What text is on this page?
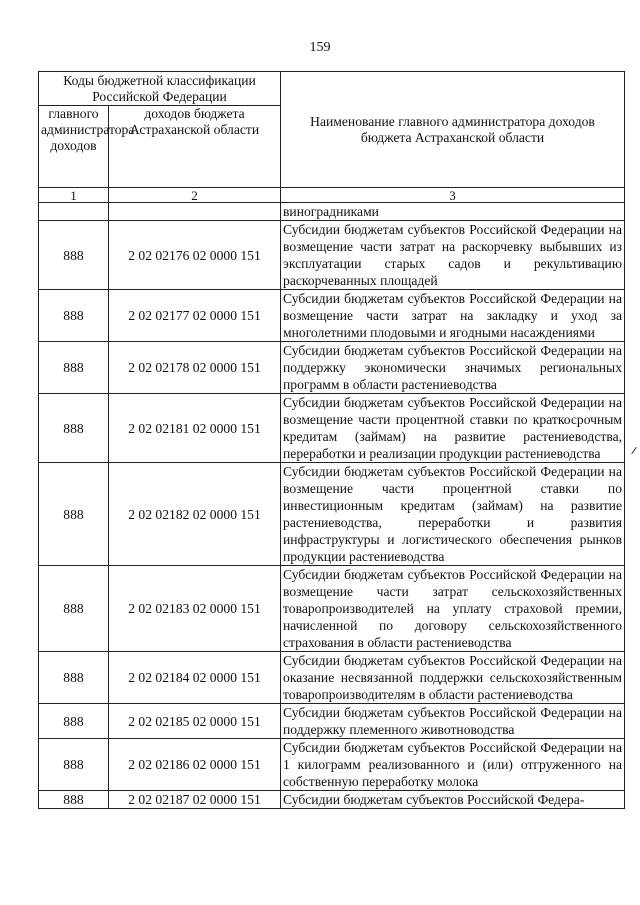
159
Коды бюджетной классификации Российской Федерации		Наименование главного администратора доходов бюджета Астраханской области
главного администратора доходов	доходов бюджета Астраханской области	
1	2	3
		виноградниками
888	2 02 02176 02 0000 151	Субсидии бюджетам субъектов Российской Федерации на возмещение части затрат на раскорчевку выбывших из эксплуатации старых садов и рекультивацию раскорчеванных площадей
888	2 02 02177 02 0000 151	Субсидии бюджетам субъектов Российской Федерации на возмещение части затрат на закладку и уход за многолетними плодовыми и ягодными насаждениями
888	2 02 02178 02 0000 151	Субсидии бюджетам субъектов Российской Федерации на поддержку экономически значимых региональных программ в области растениеводства
888	2 02 02181 02 0000 151	Субсидии бюджетам субъектов Российской Федерации на возмещение части процентной ставки по краткосрочным кредитам (займам) на развитие растениеводства, переработки и реализации продукции растениеводства
888	2 02 02182 02 0000 151	Субсидии бюджетам субъектов Российской Федерации на возмещение части процентной ставки по инвестиционным кредитам (займам) на развитие растениеводства, переработки и развития инфраструктуры и логистического обеспечения рынков продукции растениеводства
888	2 02 02183 02 0000 151	Субсидии бюджетам субъектов Российской Федерации на возмещение части затрат сельскохозяйственных товаропроизводителей на уплату страховой премии, начисленной по договору сельскохозяйственного страхования в области растениеводства
888	2 02 02184 02 0000 151	Субсидии бюджетам субъектов Российской Федерации на оказание несвязанной поддержки сельскохозяйственным товаропроизводителям в области растениеводства
888	2 02 02185 02 0000 151	Субсидии бюджетам субъектов Российской Федерации на поддержку племенного животноводства
888	2 02 02186 02 0000 151	Субсидии бюджетам субъектов Российской Федерации на 1 килограмм реализованного и (или) отгруженного на собственную переработку молока
888	2 02 02187 02 0000 151	Субсидии бюджетам субъектов Российской Федера-
